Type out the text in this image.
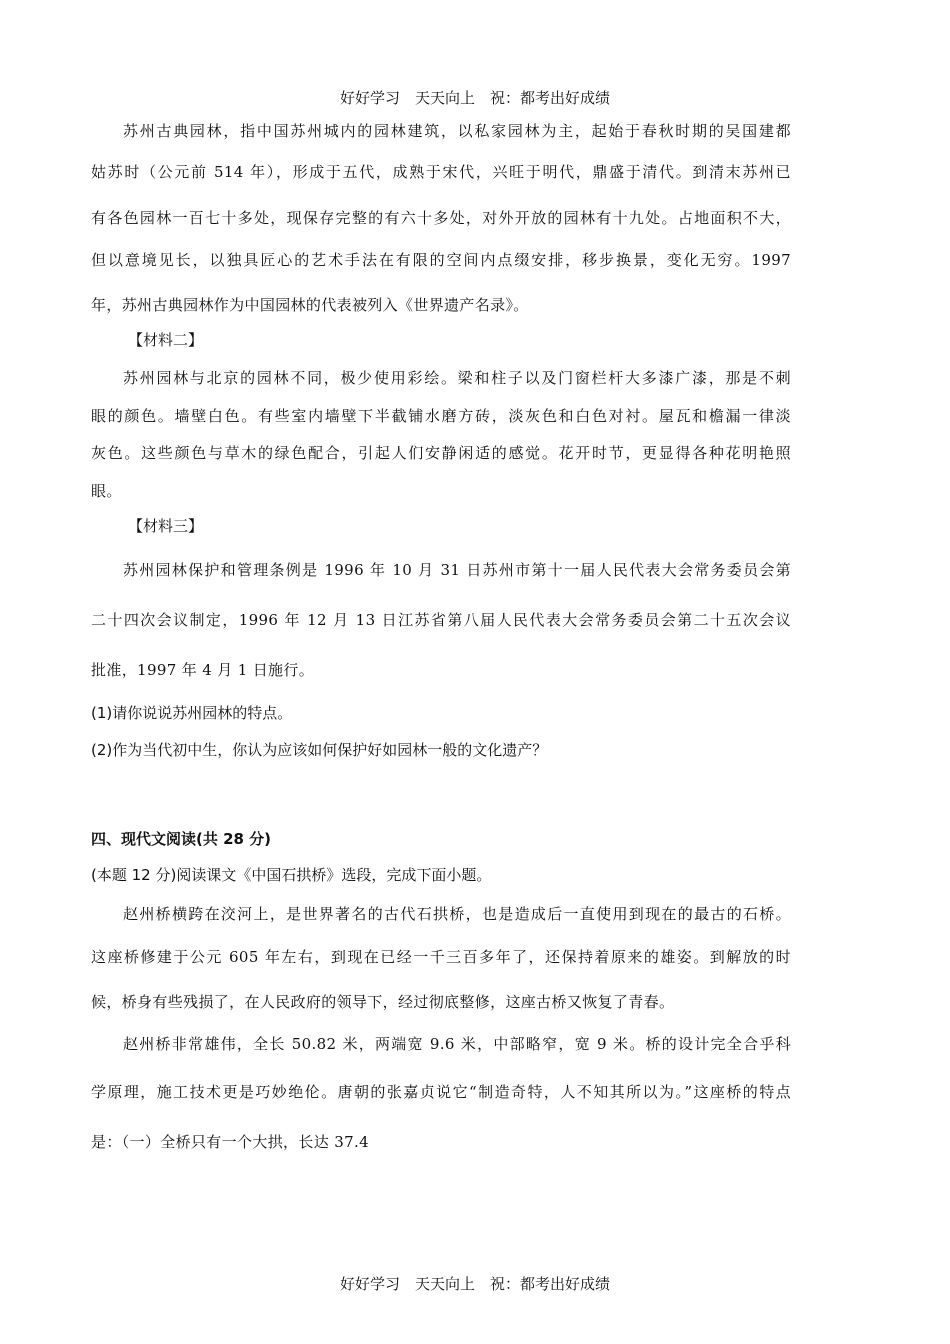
好好学习　天天向上　祝：都考出好成绩
苏州古典园林，指中国苏州城内的园林建筑，以私家园林为主，起始于春秋时期的吴国建都
姑苏时（公元前 514 年），形成于五代，成熟于宋代，兴旺于明代，鼎盛于清代。到清末苏州已
有各色园林一百七十多处，现保存完整的有六十多处，对外开放的园林有十九处。占地面积不大，
但以意境见长，以独具匠心的艺术手法在有限的空间内点缀安排，移步换景，变化无穷。1997
年，苏州古典园林作为中国园林的代表被列入《世界遗产名录》。
【材料二】
苏州园林与北京的园林不同，极少使用彩绘。梁和柱子以及门窗栏杆大多漆广漆，那是不刺
眼的颜色。墙壁白色。有些室内墙壁下半截铺水磨方砖，淡灰色和白色对衬。屋瓦和檐漏一律淡
灰色。这些颜色与草木的绿色配合，引起人们安静闲适的感觉。花开时节，更显得各种花明艳照
眼。
【材料三】
苏州园林保护和管理条例是 1996 年 10 月 31 日苏州市第十一届人民代表大会常务委员会第
二十四次会议制定，1996 年 12 月 13 日江苏省第八届人民代表大会常务委员会第二十五次会议
批准，1997 年 4 月 1 日施行。
(1)请你说说苏州园林的特点。
(2)作为当代初中生，你认为应该如何保护好如园林一般的文化遗产？
四、现代文阅读(共 28 分)
(本题 12 分)阅读课文《中国石拱桥》选段，完成下面小题。
赵州桥横跨在洨河上，是世界著名的古代石拱桥，也是造成后一直使用到现在的最古的石桥。
这座桥修建于公元 605 年左右，到现在已经一千三百多年了，还保持着原来的雄姿。到解放的时
候，桥身有些残损了，在人民政府的领导下，经过彻底整修，这座古桥又恢复了青春。
赵州桥非常雄伟，全长 50.82 米，两端宽 9.6 米，中部略窄，宽 9 米。桥的设计完全合乎科
学原理，施工技术更是巧妙绝伦。唐朝的张嘉贞说它“制造奇特，人不知其所以为。”这座桥的特点
是：（一）全桥只有一个大拱，长达 37.4
好好学习　天天向上　祝：都考出好成绩
